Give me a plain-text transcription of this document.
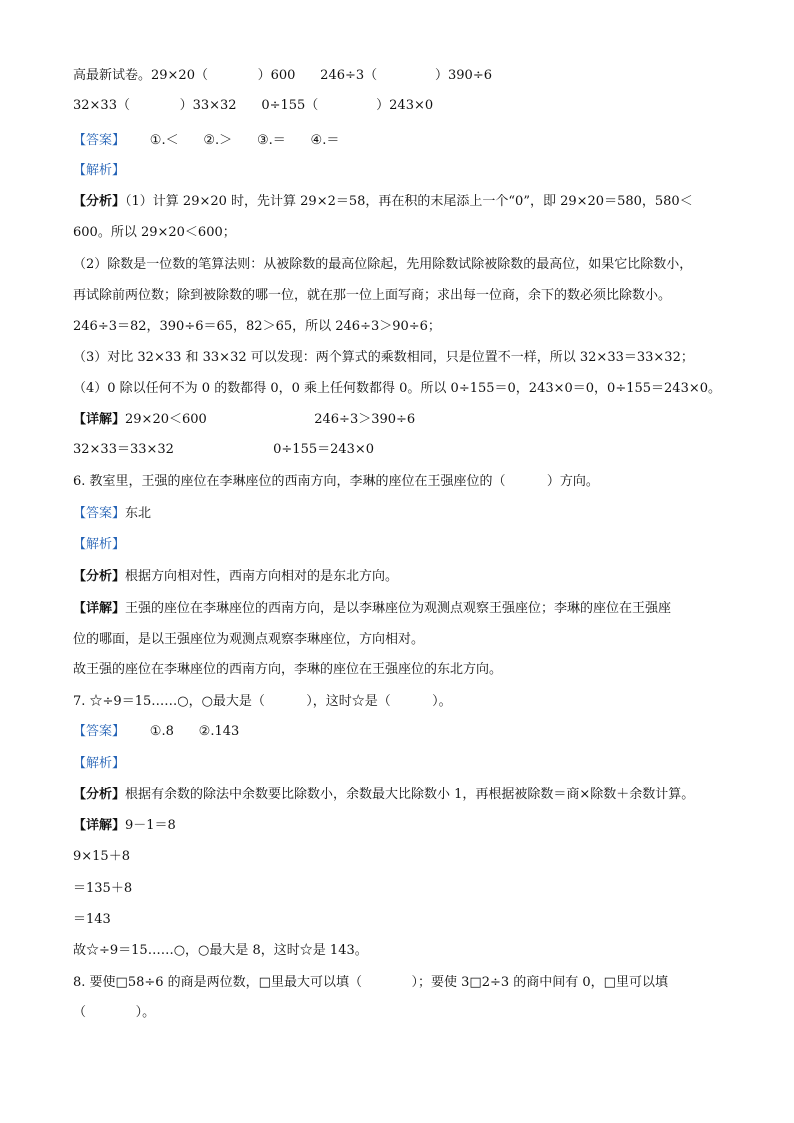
高最新试卷。29×20（            ）600      246÷3（              ）390÷6
32×33（            ）33×32      0÷155（              ）243×0
【答案】      ①.＜      ②.＞      ③.＝      ④.＝
【解析】
【分析】（1）计算 29×20 时，先计算 29×2＝58，再在积的末尾添上一个“0”，即 29×20＝580，580＜
600。所以 29×20＜600；
（2）除数是一位数的笔算法则：从被除数的最高位除起，先用除数试除被除数的最高位，如果它比除数小，
再试除前两位数；除到被除数的哪一位，就在那一位上面写商；求出每一位商，余下的数必须比除数小。
246÷3＝82，390÷6＝65，82＞65，所以 246÷3＞90÷6；
（3）对比 32×33 和 33×32 可以发现：两个算式的乘数相同，只是位置不一样，所以 32×33＝33×32；
（4）0 除以任何不为 0 的数都得 0，0 乘上任何数都得 0。所以 0÷155＝0，243×0＝0，0÷155＝243×0。
【详解】29×20＜600                          246÷3＞390÷6
32×33＝33×32                        0÷155＝243×0
6. 教室里，王强的座位在李琳座位的西南方向，李琳的座位在王强座位的（          ）方向。
【答案】东北
【解析】
【分析】根据方向相对性，西南方向相对的是东北方向。
【详解】王强的座位在李琳座位的西南方向，是以李琳座位为观测点观察王强座位；李琳的座位在王强座
位的哪面，是以王强座位为观测点观察李琳座位，方向相对。
故王强的座位在李琳座位的西南方向，李琳的座位在王强座位的东北方向。
7. ☆÷9＝15……○，○最大是（          ），这时☆是（          ）。
【答案】      ①.8      ②.143
【解析】
【分析】根据有余数的除法中余数要比除数小，余数最大比除数小 1，再根据被除数＝商×除数＋余数计算。
【详解】9－1＝8
9×15＋8
＝135＋8
＝143
故☆÷9＝15……○，○最大是 8，这时☆是 143。
8. 要使□58÷6 的商是两位数，□里最大可以填（            ）；要使 3□2÷3 的商中间有 0，□里可以填
（            ）。
